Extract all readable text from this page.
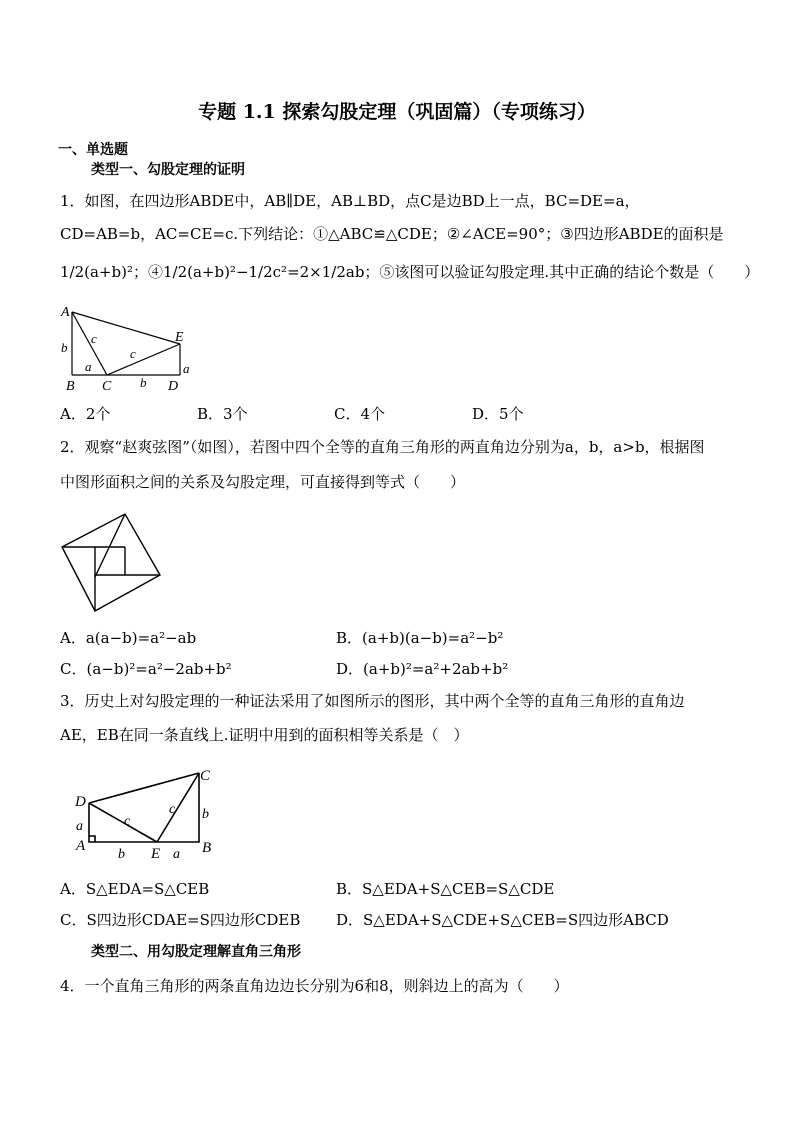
专题 1.1 探索勾股定理（巩固篇）（专项练习）
一、单选题
类型一、勾股定理的证明
1．如图，在四边形ABDE中，AB∥DE，AB⊥BD，点C是边BD上一点，BC=DE=a，
CD=AB=b，AC=CE=c.下列结论：①△ABC≌△CDE；②∠ACE=90°；③四边形ABDE的面积是
1/2(a+b)²；④1/2(a+b)²−1/2c²=2×1/2ab；⑤该图可以验证勾股定理.其中正确的结论个数是（　　）
A
B C	D
E
b
a
b
a
c
c
A．2个	B．3个	C．4个	D．5个
2．观察“赵爽弦图”（如图），若图中四个全等的直角三角形的两直角边分别为a，b，a>b，根据图
中图形面积之间的关系及勾股定理，可直接得到等式（　　）
A．a(a−b)=a²−ab	B．(a+b)(a−b)=a²−b²
C．(a−b)²=a²−2ab+b²	D．(a+b)²=a²+2ab+b²
3．历史上对勾股定理的一种证法采用了如图所示的图形，其中两个全等的直角三角形的直角边
AE，EB在同一条直线上.证明中用到的面积相等关系是（　）
D
A	E	B
C
a
b	a
b
c
c
A．S△EDA=S△CEB	B．S△EDA+S△CEB=S△CDE
C．S四边形CDAE=S四边形CDEB D．S△EDA+S△CDE+S△CEB=S四边形ABCD
类型二、用勾股定理解直角三角形
4．一个直角三角形的两条直角边边长分别为6和8，则斜边上的高为（　　）
